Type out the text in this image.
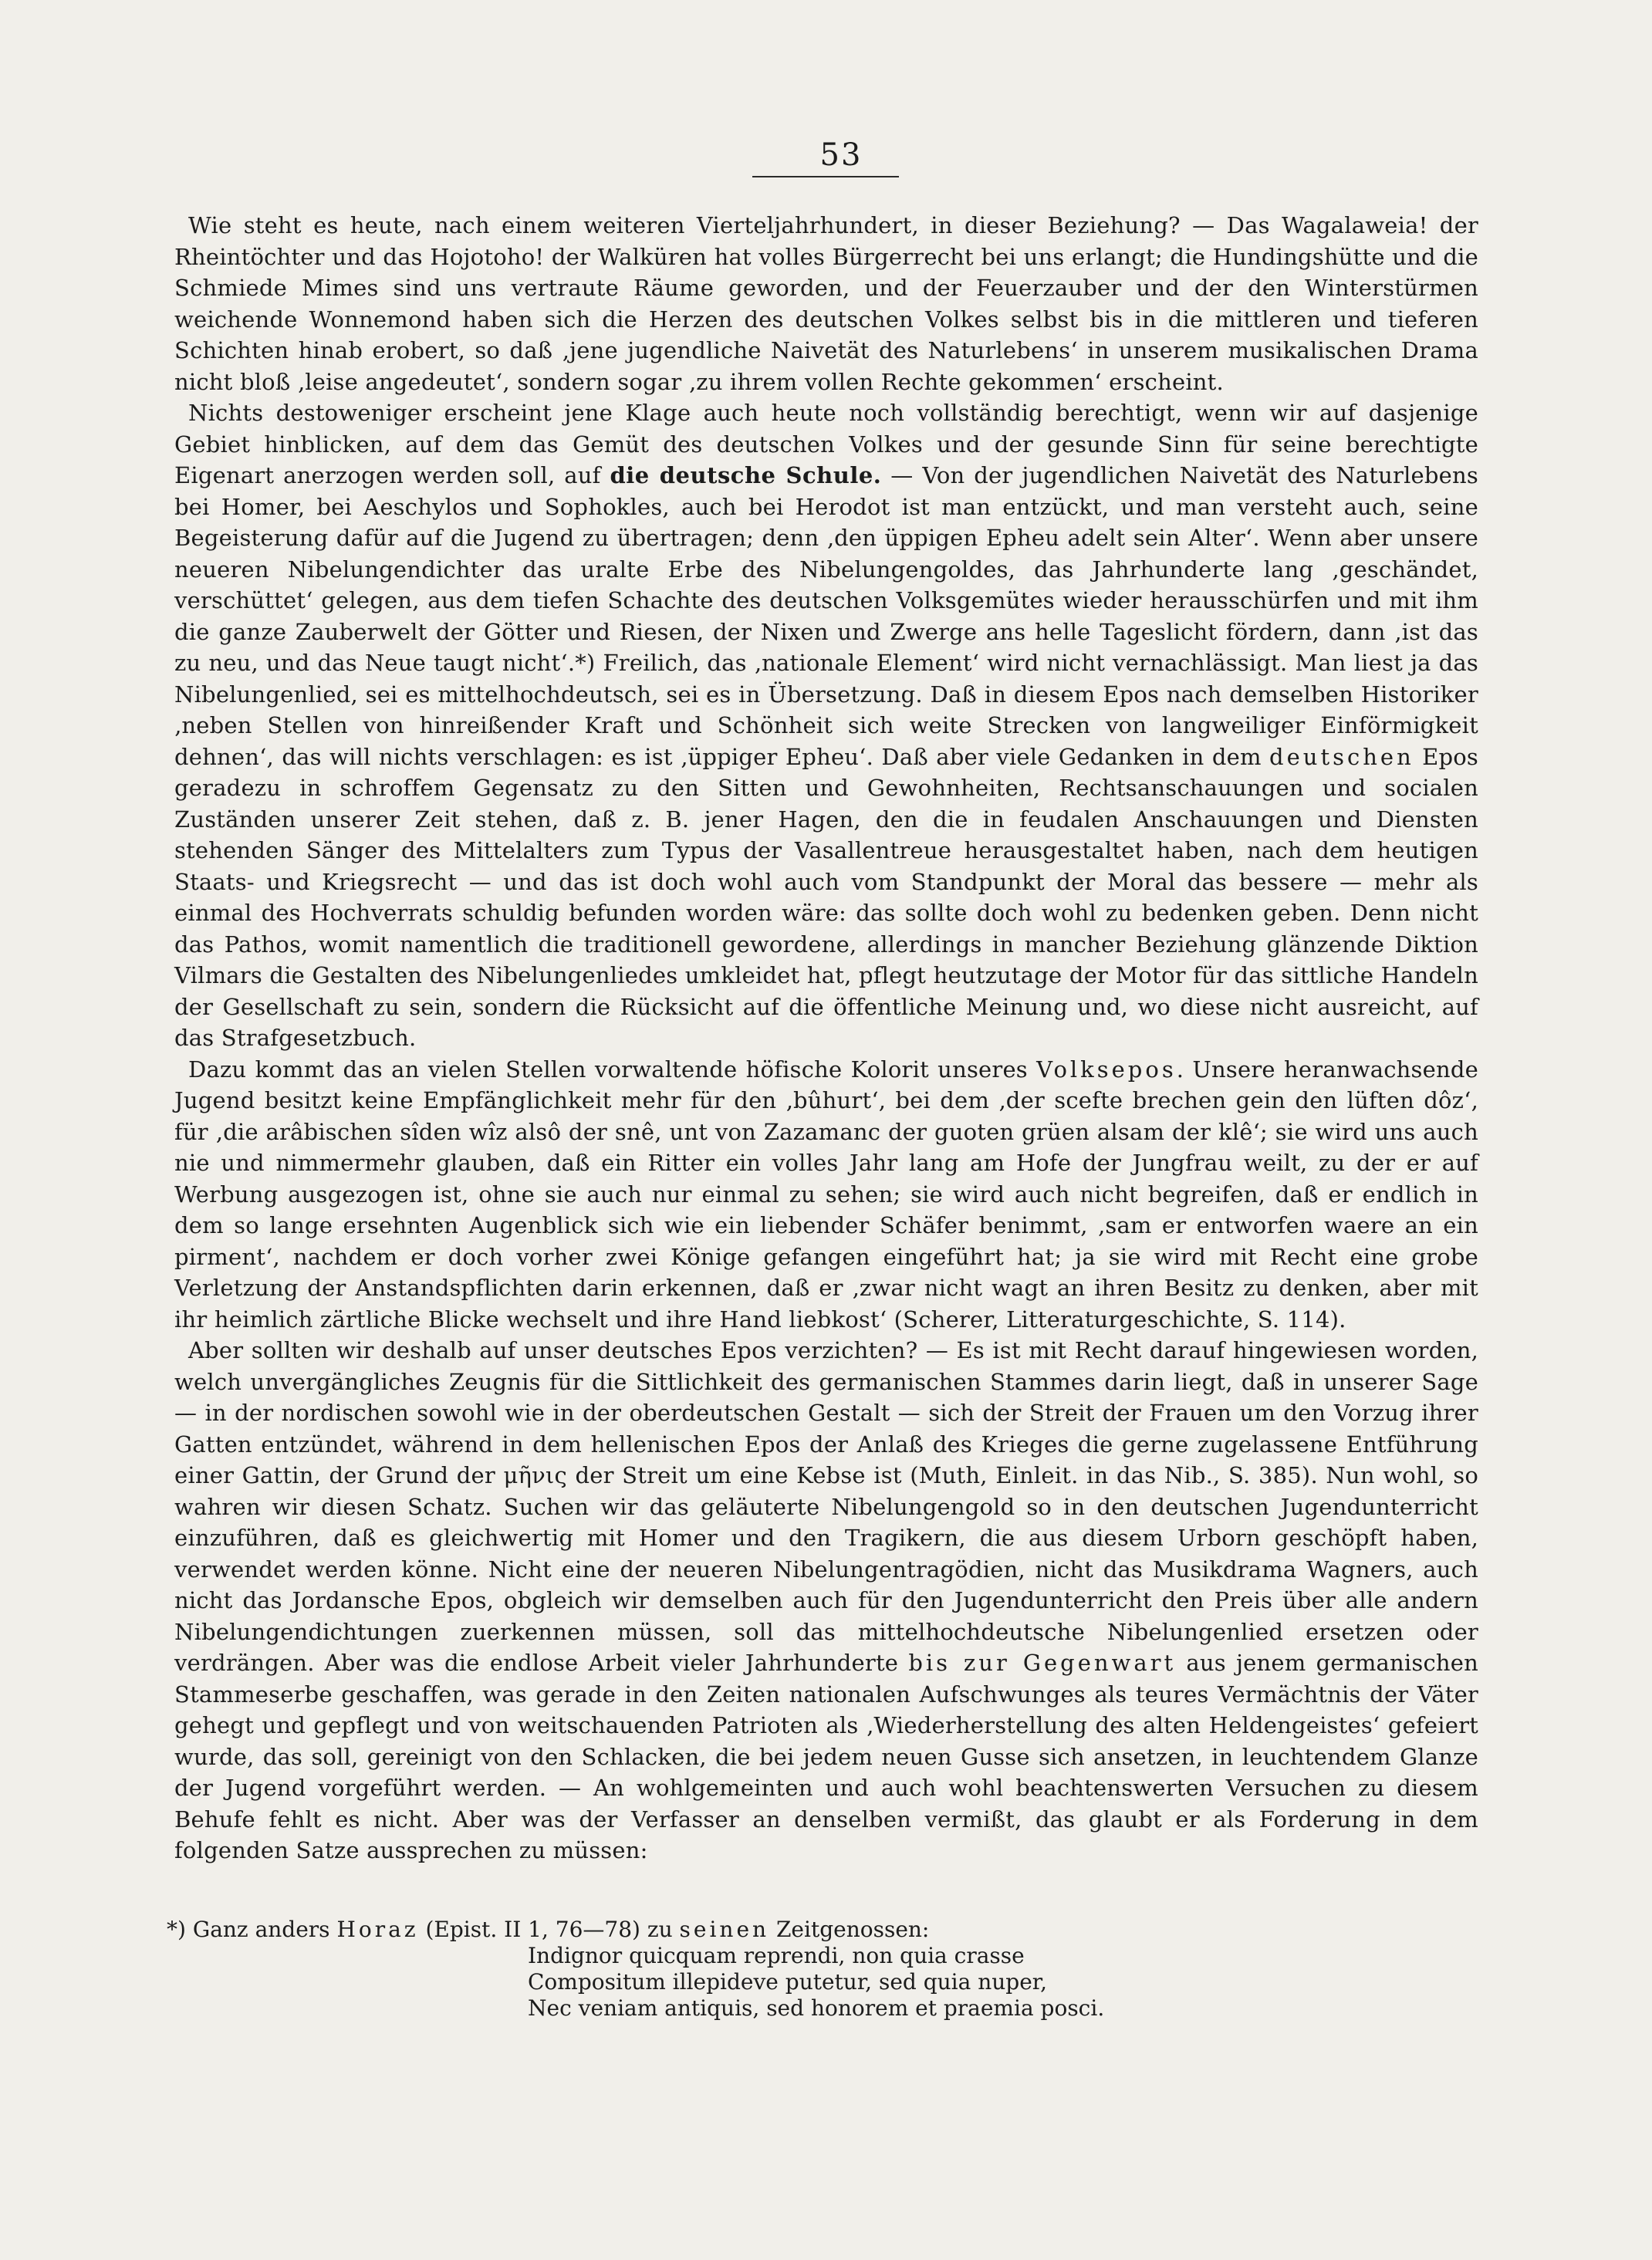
53

Wie steht es heute, nach einem weiteren Vierteljahrhundert, in dieser Beziehung? — Das Wagalaweia! der Rheintöchter und das Hojotoho! der Walküren hat volles Bürgerrecht bei uns erlangt; die Hundingshütte und die Schmiede Mimes sind uns vertraute Räume geworden, und der Feuerzauber und der den Winterstürmen weichende Wonnemond haben sich die Herzen des deutschen Volkes selbst bis in die mittleren und tieferen Schichten hinab erobert, so daß ‚jene jugendliche Naivetät des Naturlebens‘ in unserem musikalischen Drama nicht bloß ‚leise angedeutet‘, sondern sogar ‚zu ihrem vollen Rechte gekommen‘ erscheint.

Nichts destoweniger erscheint jene Klage auch heute noch vollständig berechtigt, wenn wir auf dasjenige Gebiet hinblicken, auf dem das Gemüt des deutschen Volkes und der gesunde Sinn für seine berechtigte Eigenart anerzogen werden soll, auf die deutsche Schule. — Von der jugendlichen Naivetät des Naturlebens bei Homer, bei Aeschylos und Sophokles, auch bei Herodot ist man entzückt, und man versteht auch, seine Begeisterung dafür auf die Jugend zu übertragen; denn ‚den üppigen Epheu adelt sein Alter‘. Wenn aber unsere neueren Nibelungendichter das uralte Erbe des Nibelungengoldes, das Jahrhunderte lang ‚geschändet, verschüttet‘ gelegen, aus dem tiefen Schachte des deutschen Volksgemütes wieder herausschürfen und mit ihm die ganze Zauberwelt der Götter und Riesen, der Nixen und Zwerge ans helle Tageslicht fördern, dann ‚ist das zu neu, und das Neue taugt nicht‘.*) Freilich, das ‚nationale Element‘ wird nicht vernachlässigt. Man liest ja das Nibelungenlied, sei es mittelhochdeutsch, sei es in Übersetzung. Daß in diesem Epos nach demselben Historiker ‚neben Stellen von hinreißender Kraft und Schönheit sich weite Strecken von langweiliger Einförmigkeit dehnen‘, das will nichts verschlagen: es ist ‚üppiger Epheu‘. Daß aber viele Gedanken in dem deutschen Epos geradezu in schroffem Gegensatz zu den Sitten und Gewohnheiten, Rechtsanschauungen und socialen Zuständen unserer Zeit stehen, daß z. B. jener Hagen, den die in feudalen Anschauungen und Diensten stehenden Sänger des Mittelalters zum Typus der Vasallentreue herausgestaltet haben, nach dem heutigen Staats- und Kriegsrecht — und das ist doch wohl auch vom Standpunkt der Moral das bessere — mehr als einmal des Hochverrats schuldig befunden worden wäre: das sollte doch wohl zu bedenken geben. Denn nicht das Pathos, womit namentlich die traditionell gewordene, allerdings in mancher Beziehung glänzende Diktion Vilmars die Gestalten des Nibelungenliedes umkleidet hat, pflegt heutzutage der Motor für das sittliche Handeln der Gesellschaft zu sein, sondern die Rücksicht auf die öffentliche Meinung und, wo diese nicht ausreicht, auf das Strafgesetzbuch.

Dazu kommt das an vielen Stellen vorwaltende höfische Kolorit unseres Volksepos. Unsere heranwachsende Jugend besitzt keine Empfänglichkeit mehr für den ‚bûhurt‘, bei dem ‚der scefte brechen gein den lüften dôz‘, für ‚die arâbischen sîden wîz alsô der snê, unt von Zazamanc der guoten grüen alsam der klê‘; sie wird uns auch nie und nimmermehr glauben, daß ein Ritter ein volles Jahr lang am Hofe der Jungfrau weilt, zu der er auf Werbung ausgezogen ist, ohne sie auch nur einmal zu sehen; sie wird auch nicht begreifen, daß er endlich in dem so lange ersehnten Augenblick sich wie ein liebender Schäfer benimmt, ‚sam er entworfen waere an ein pirment‘, nachdem er doch vorher zwei Könige gefangen eingeführt hat; ja sie wird mit Recht eine grobe Verletzung der Anstandspflichten darin erkennen, daß er ‚zwar nicht wagt an ihren Besitz zu denken, aber mit ihr heimlich zärtliche Blicke wechselt und ihre Hand liebkost‘ (Scherer, Litteraturgeschichte, S. 114).

Aber sollten wir deshalb auf unser deutsches Epos verzichten? — Es ist mit Recht darauf hingewiesen worden, welch unvergängliches Zeugnis für die Sittlichkeit des germanischen Stammes darin liegt, daß in unserer Sage — in der nordischen sowohl wie in der oberdeutschen Gestalt — sich der Streit der Frauen um den Vorzug ihrer Gatten entzündet, während in dem hellenischen Epos der Anlaß des Krieges die gerne zugelassene Entführung einer Gattin, der Grund der μῆνις der Streit um eine Kebse ist (Muth, Einleit. in das Nib., S. 385). Nun wohl, so wahren wir diesen Schatz. Suchen wir das geläuterte Nibelungengold so in den deutschen Jugendunterricht einzuführen, daß es gleichwertig mit Homer und den Tragikern, die aus diesem Urborn geschöpft haben, verwendet werden könne. Nicht eine der neueren Nibelungentragödien, nicht das Musikdrama Wagners, auch nicht das Jordansche Epos, obgleich wir demselben auch für den Jugendunterricht den Preis über alle andern Nibelungendichtungen zuerkennen müssen, soll das mittelhochdeutsche Nibelungenlied ersetzen oder verdrängen. Aber was die endlose Arbeit vieler Jahrhunderte bis zur Gegenwart aus jenem germanischen Stammeserbe geschaffen, was gerade in den Zeiten nationalen Aufschwunges als teures Vermächtnis der Väter gehegt und gepflegt und von weitschauenden Patrioten als ‚Wiederherstellung des alten Heldengeistes‘ gefeiert wurde, das soll, gereinigt von den Schlacken, die bei jedem neuen Gusse sich ansetzen, in leuchtendem Glanze der Jugend vorgeführt werden. — An wohlgemeinten und auch wohl beachtenswerten Versuchen zu diesem Behufe fehlt es nicht. Aber was der Verfasser an denselben vermißt, das glaubt er als Forderung in dem folgenden Satze aussprechen zu müssen:

*) Ganz anders Horaz (Epist. II 1, 76—78) zu seinen Zeitgenossen:

Indignor quicquam reprendi, non quia crasse
Compositum illepideve putetur, sed quia nuper,
Nec veniam antiquis, sed honorem et praemia posci.
